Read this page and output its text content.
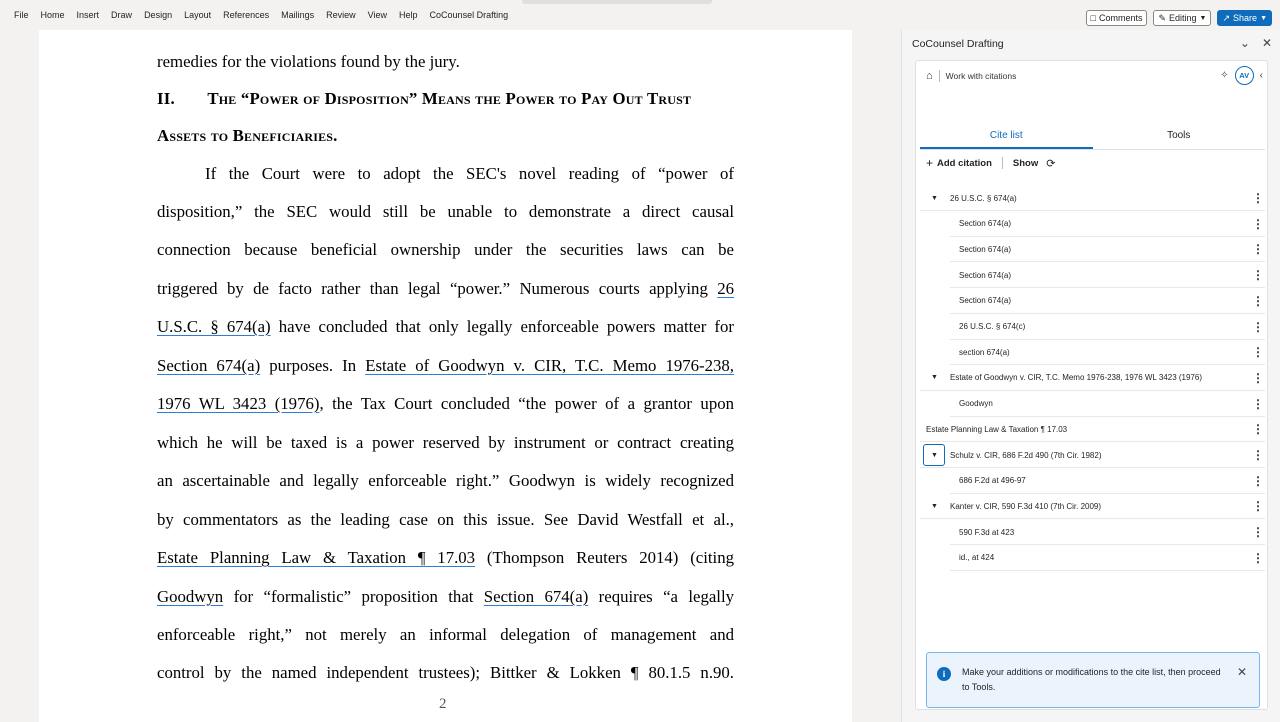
File Home Insert Draw Design Layout References Mailings Review View Help CoCounsel Drafting	□ Comments ✎ Editing ▼ ↗ Share ▼
remedies for the violations found by the jury.
II. The “Power of Disposition” Means the Power to Pay Out Trust
Assets to Beneficiaries.
If the Court were to adopt the SEC's novel reading of “power of
disposition,” the SEC would still be unable to demonstrate a direct causal
connection because beneficial ownership under the securities laws can be
triggered by de facto rather than legal “power.” Numerous courts applying 26
U.S.C. § 674(a) have concluded that only legally enforceable powers matter for
Section 674(a) purposes. In Estate of Goodwyn v. CIR, T.C. Memo 1976-238,
1976 WL 3423 (1976), the Tax Court concluded “the power of a grantor upon
which he will be taxed is a power reserved by instrument or contract creating
an ascertainable and legally enforceable right.” Goodwyn is widely recognized
by commentators as the leading case on this issue. See David Westfall et al.,
Estate Planning Law & Taxation ¶ 17.03 (Thompson Reuters 2014) (citing
Goodwyn for “formalistic” proposition that Section 674(a) requires “a legally
enforceable right,” not merely an informal delegation of management and
control by the named independent trustees); Bittker & Lokken ¶ 80.1.5 n.90.
2
CoCounsel Drafting	⌄ ✕
⌂ Work with citations	✧	AV	‹
Cite list	Tools
+ Add citation Show ⟳
▼ 26 U.S.C. § 674(a)	⋮
Section 674(a)	⋮
Section 674(a)	⋮
Section 674(a)	⋮
Section 674(a)	⋮
26 U.S.C. § 674(c)	⋮
section 674(a)	⋮
▼ Estate of Goodwyn v. CIR, T.C. Memo 1976-238, 1976 WL 3423 (1976)	⋮
Goodwyn	⋮
Estate Planning Law & Taxation ¶ 17.03	⋮
▼ Schulz v. CIR, 686 F.2d 490 (7th Cir. 1982)	⋮
686 F.2d at 496-97	⋮
▼ Kanter v. CIR, 590 F.3d 410 (7th Cir. 2009)	⋮
590 F.3d at 423	⋮
id., at 424	⋮
i	Make your additions or modifications to the cite list, then proceed to Tools.
✕
